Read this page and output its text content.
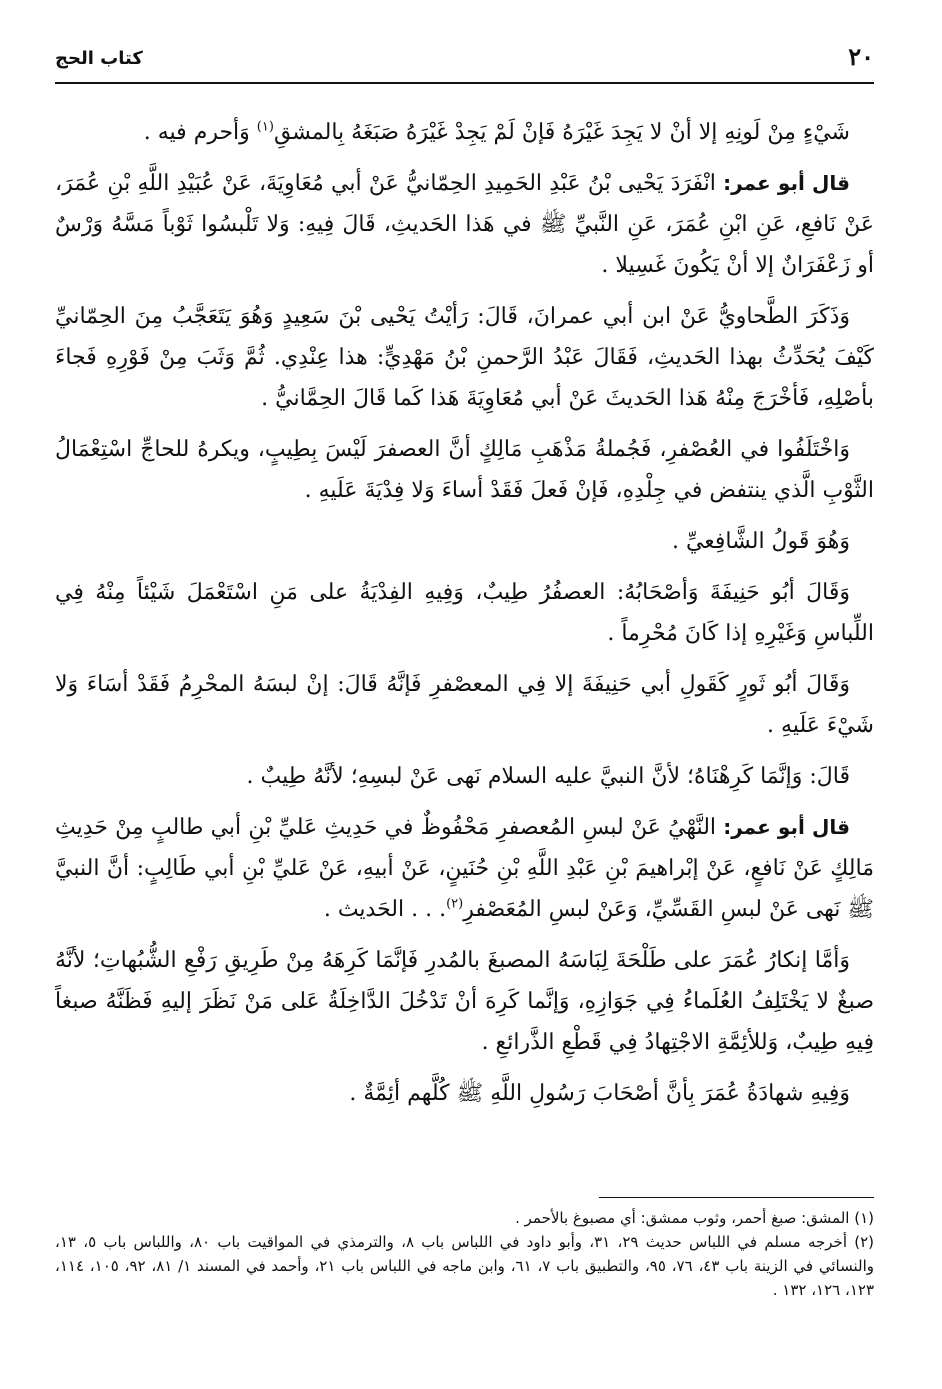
٢٠
كتاب الحج

شَيْءٍ مِنْ لَونِهِ إلا أنْ لا يَجِدَ غَيْرَهُ فَإنْ لَمْ يَجِدْ غَيْرَهُ صَبَغَهُ بِالمشقِ$^{(١)}$ وَأحرم فيه .

قال أبو عمر: انْفَرَدَ يَحْيى بْنُ عَبْدِ الحَمِيدِ الحِمّانيُّ عَنْ أبي مُعَاوِيَةَ، عَنْ عُبَيْدِ اللَّهِ بْنِ عُمَرَ، عَنْ نَافعِ، عَنِ ابْنِ عُمَرَ، عَنِ النَّبيِّ ﷺ في هَذا الحَديثِ، قَالَ فِيهِ: وَلا تَلْبسُوا ثَوْباً مَسَّهُ وَرْسٌ أو زَعْفَرَانٌ إلا أنْ يَكُونَ غَسِيلا .

وَذَكَرَ الطَّحاويُّ عَنْ ابن أبي عمرانَ، قَالَ: رَأيْتُ يَحْيى بْنَ سَعِيدٍ وَهُوَ يَتَعَجَّبُ مِنَ الحِمّانيِّ كَيْفَ يُحَدِّثُ بهذا الحَديثِ، فَقَالَ عَبْدُ الرَّحمنِ بْنُ مَهْدِيٍّ: هذا عِنْدِي. ثُمَّ وَثَبَ مِنْ فَوْرِهِ فَجاءَ بأصْلِهِ، فَأخْرَجَ مِنْهُ هَذا الحَديثَ عَنْ أبي مُعَاوِيَةَ هَذا كَما قَالَ الحِمَّانيُّ .

وَاخْتَلَفُوا في العُصْفرِ، فَجُملةُ مَذْهَبِ مَالِكٍ أنَّ العصفرَ لَيْسَ بِطِيبٍ، ويكرهُ للحاجِّ اسْتِعْمَالُ الثَّوْبِ الَّذي ينتفض في جِلْدِهِ، فَإنْ فَعلَ فَقَدْ أساءَ وَلا فِدْيَةَ عَلَيهِ .

وَهُوَ قَولُ الشَّافِعيِّ .

وَقَالَ أبُو حَنِيفَةَ وَأصْحَابُهُ: العصفُرُ طِيبٌ، وَفِيهِ الفِدْيَةُ على مَنِ اسْتَعْمَلَ شَيْئاً مِنْهُ فِي اللِّباسِ وَغَيْرِهِ إذا كَانَ مُحْرِماً .

وَقَالَ أبُو ثَورٍ كَقَولِ أبي حَنِيفَةَ إلا فِي المعصْفرِ فَإنَّهُ قَالَ: إنْ لبسَهُ المحْرِمُ فَقَدْ أسَاءَ وَلا شَيْءَ عَلَيهِ .

قَالَ: وَإنَّمَا كَرِهْنَاهُ؛ لأنَّ النبيَّ عليه السلام نَهى عَنْ لبسِهِ؛ لأنَّهُ طِيبٌ .

قال أبو عمر: النَّهْيُ عَنْ لبسِ المُعصفرِ مَحْفُوظٌ في حَدِيثِ عَليِّ بْنِ أبي طالبٍ مِنْ حَدِيثِ مَالِكٍ عَنْ نَافعٍ، عَنْ إبْراهيمَ بْنِ عَبْدِ اللَّهِ بْنِ حُنَينٍ، عَنْ أبيهِ، عَنْ عَليِّ بْنِ أبي طَالِبٍ: أنَّ النبيَّ ﷺ نَهى عَنْ لبسِ القَسِّيِّ، وَعَنْ لبسِ المُعَصْفرِ$^{(٢)}$. . . الحَديث .

وَأمَّا إنكارُ عُمَرَ على طَلْحَةَ لِبَاسَهُ المصبغَ بالمُدرِ فَإنَّمَا كَرِهَهُ مِنْ طَرِيقِ رَفْعِ الشُّبُهاتِ؛ لأنَّهُ صبغٌ لا يَخْتَلِفُ العُلَماءُ فِي جَوَازِهِ، وَإنَّما كَرِهَ أنْ تَدْخُلَ الدَّاخِلَةُ عَلى مَنْ نَظَرَ إليهِ فَظَنَّهُ صبغاً فِيهِ طِيبٌ، وَللأئِمَّةِ الاجْتِهادُ فِي قَطْعِ الذَّرائعِ .

وَفِيهِ شهادَةُ عُمَرَ بِأنَّ أصْحَابَ رَسُولِ اللَّهِ ﷺ كُلَّهم أئِمَّةٌ .

(١) المشق: صبغ أحمر، وثوب ممشق: أي مصبوغ بالأحمر .

(٢) أخرجه مسلم في اللباس حديث ٢٩، ٣١، وأبو داود في اللباس باب ٨، والترمذي في المواقيت باب ٨٠، واللباس باب ٥، ١٣، والنسائي في الزينة باب ٤٣، ٧٦، ٩٥، والتطبيق باب ٧، ٦١، وابن ماجه في اللباس باب ٢١، وأحمد في المسند ١/ ٨١، ٩٢، ١٠٥، ١١٤، ١٢٣، ١٢٦، ١٣٢ .
